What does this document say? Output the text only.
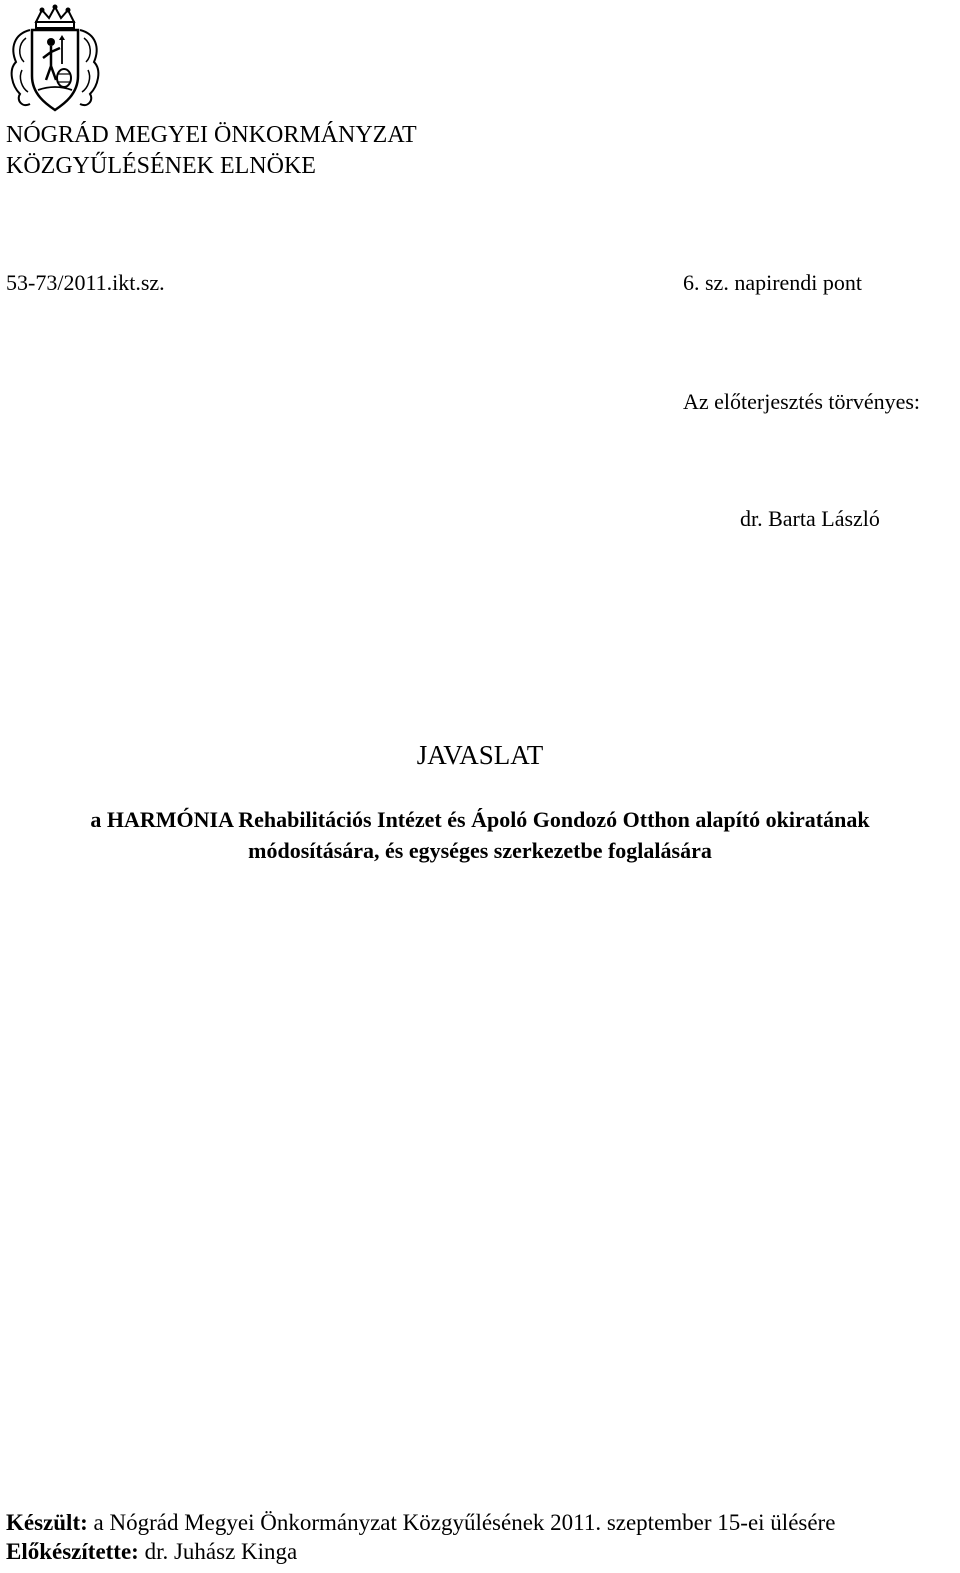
NÓGRÁD MEGYEI ÖNKORMÁNYZAT
KÖZGYŰLÉSÉNEK ELNÖKE
53-73/2011.ikt.sz.	6. sz. napirendi pont
Az előterjesztés törvényes:
dr. Barta László
JAVASLAT
a HARMÓNIA Rehabilitációs Intézet és Ápoló Gondozó Otthon alapító okiratának
módosítására, és egységes szerkezetbe foglalására
Készült: a Nógrád Megyei Önkormányzat Közgyűlésének 2011. szeptember 15-ei ülésére
Előkészítette: dr. Juhász Kinga
